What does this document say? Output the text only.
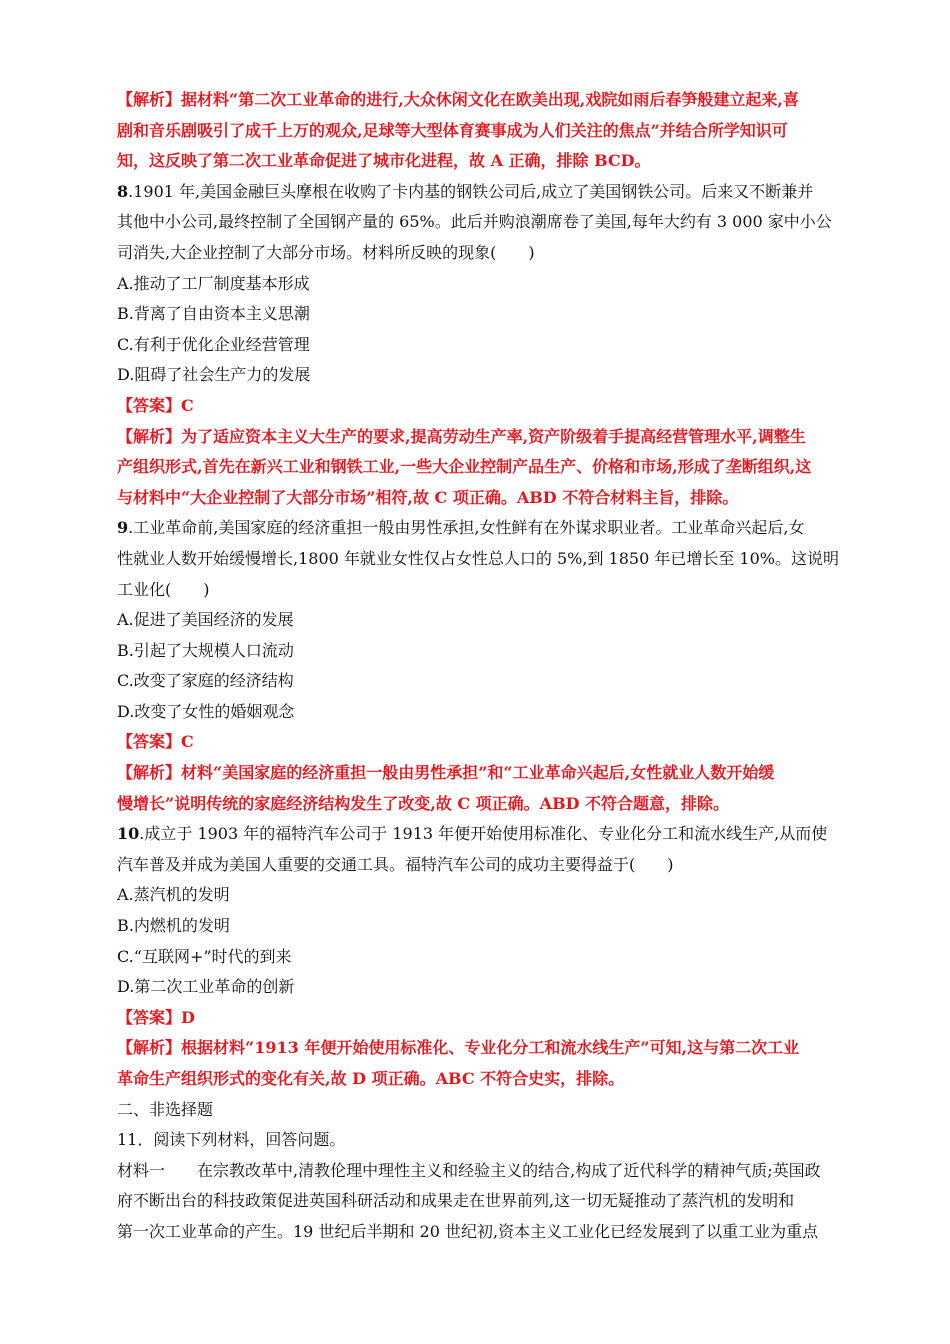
【解析】据材料“第二次工业革命的进行,大众休闲文化在欧美出现,戏院如雨后春笋般建立起来,喜
剧和音乐剧吸引了成千上万的观众,足球等大型体育赛事成为人们关注的焦点”并结合所学知识可
知，这反映了第二次工业革命促进了城市化进程，故 A 正确，排除 BCD。
8.1901 年,美国金融巨头摩根在收购了卡内基的钢铁公司后,成立了美国钢铁公司。后来又不断兼并
其他中小公司,最终控制了全国钢产量的 65%。此后并购浪潮席卷了美国,每年大约有 3 000 家中小公
司消失,大企业控制了大部分市场。材料所反映的现象(　　)
A.推动了工厂制度基本形成
B.背离了自由资本主义思潮
C.有利于优化企业经营管理
D.阻碍了社会生产力的发展
【答案】C
【解析】为了适应资本主义大生产的要求,提高劳动生产率,资产阶级着手提高经营管理水平,调整生
产组织形式,首先在新兴工业和钢铁工业,一些大企业控制产品生产、价格和市场,形成了垄断组织,这
与材料中“大企业控制了大部分市场”相符,故 C 项正确。ABD 不符合材料主旨，排除。
9.工业革命前,美国家庭的经济重担一般由男性承担,女性鲜有在外谋求职业者。工业革命兴起后,女
性就业人数开始缓慢增长,1800 年就业女性仅占女性总人口的 5%,到 1850 年已增长至 10%。这说明
工业化(　　)
A.促进了美国经济的发展
B.引起了大规模人口流动
C.改变了家庭的经济结构
D.改变了女性的婚姻观念
【答案】C
【解析】材料“美国家庭的经济重担一般由男性承担”和“工业革命兴起后,女性就业人数开始缓
慢增长”说明传统的家庭经济结构发生了改变,故 C 项正确。ABD 不符合题意，排除。
10.成立于 1903 年的福特汽车公司于 1913 年便开始使用标准化、专业化分工和流水线生产,从而使
汽车普及并成为美国人重要的交通工具。福特汽车公司的成功主要得益于(　　)
A.蒸汽机的发明
B.内燃机的发明
C.“互联网+”时代的到来
D.第二次工业革命的创新
【答案】D
【解析】根据材料“1913 年便开始使用标准化、专业化分工和流水线生产”可知,这与第二次工业
革命生产组织形式的变化有关,故 D 项正确。ABC 不符合史实，排除。
二、非选择题
11．阅读下列材料，回答问题。
材料一 在宗教改革中,清教伦理中理性主义和经验主义的结合,构成了近代科学的精神气质;英国政
府不断出台的科技政策促进英国科研活动和成果走在世界前列,这一切无疑推动了蒸汽机的发明和
第一次工业革命的产生。19 世纪后半期和 20 世纪初,资本主义工业化已经发展到了以重工业为重点
